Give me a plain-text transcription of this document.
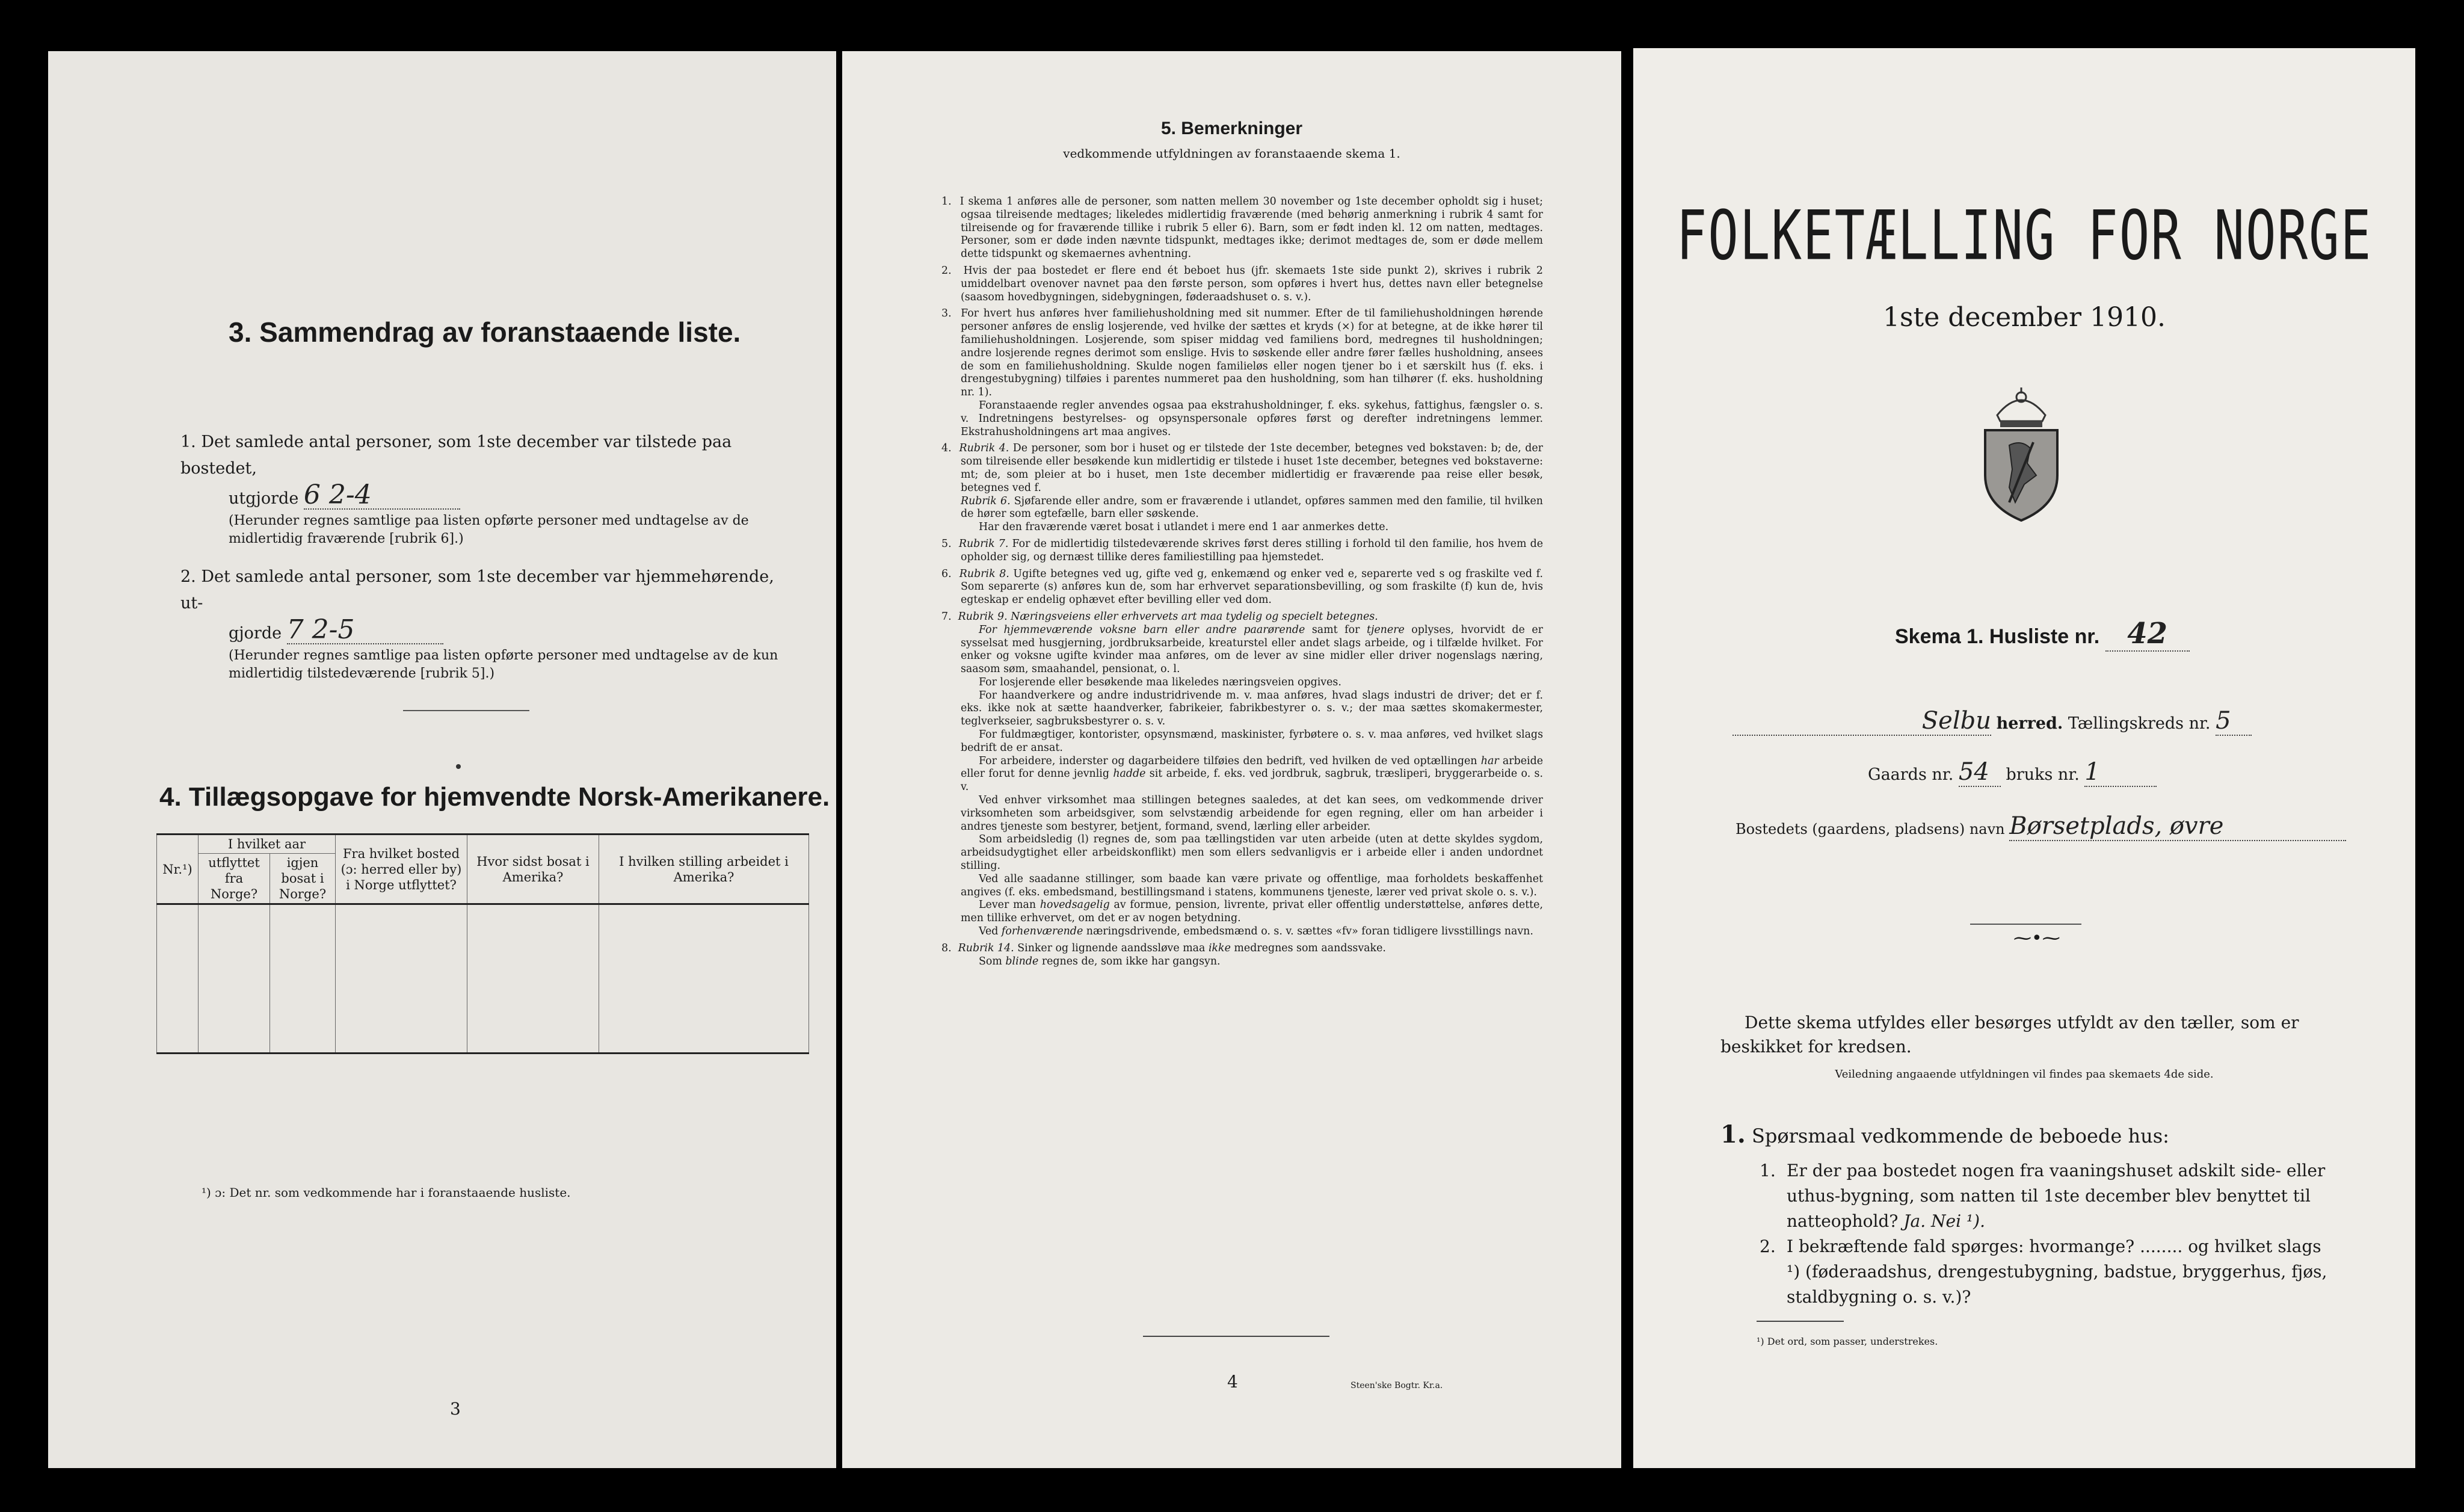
3. Sammendrag av foranstaaende liste.
1. Det samlede antal personer, som 1ste december var tilstede paa bostedet,
utgjorde 6 2-4
(Herunder regnes samtlige paa listen opførte personer med undtagelse av de midlertidig fraværende [rubrik 6].)
2. Det samlede antal personer, som 1ste december var hjemmehørende, ut-
gjorde 7 2-5
(Herunder regnes samtlige paa listen opførte personer med undtagelse av de kun midlertidig tilstedeværende [rubrik 5].)
4. Tillægsopgave for hjemvendte Norsk-Amerikanere.
Nr.¹)	I hvilket aar		Fra hvilket bosted (ɔ: herred eller by) i Norge utflyttet?	Hvor sidst bosat i Amerika?	I hvilken stilling arbeidet i Amerika?
	utflyttet fra Norge?	igjen bosat i Norge?			

¹) ɔ: Det nr. som vedkommende har i foranstaaende husliste.
3
5. Bemerkninger
vedkommende utfyldningen av foranstaaende skema 1.

1.  I skema 1 anføres alle de personer, som natten mellem 30 november og 1ste december opholdt sig i huset; ogsaa tilreisende medtages; likeledes midlertidig fraværende (med behørig anmerkning i rubrik 4 samt for tilreisende og for fraværende tillike i rubrik 5 eller 6). Barn, som er født inden kl. 12 om natten, medtages. Personer, som er døde inden nævnte tidspunkt, medtages ikke; derimot medtages de, som er døde mellem dette tidspunkt og skemaernes avhentning.

2.  Hvis der paa bostedet er flere end ét beboet hus (jfr. skemaets 1ste side punkt 2), skrives i rubrik 2 umiddelbart ovenover navnet paa den første person, som opføres i hvert hus, dettes navn eller betegnelse (saasom hovedbygningen, sidebygningen, føderaadshuset o. s. v.).

3.  For hvert hus anføres hver familiehusholdning med sit nummer. Efter de til familiehusholdningen hørende personer anføres de enslig losjerende, ved hvilke der sættes et kryds (×) for at betegne, at de ikke hører til familiehusholdningen. Losjerende, som spiser middag ved familiens bord, medregnes til husholdningen; andre losjerende regnes derimot som enslige. Hvis to søskende eller andre fører fælles husholdning, ansees de som en familiehusholdning. Skulde nogen familieløs eller nogen tjener bo i et særskilt hus (f. eks. i drengestubygning) tilføies i parentes nummeret paa den husholdning, som han tilhører (f. eks. husholdning nr. 1).

Foranstaaende regler anvendes ogsaa paa ekstrahusholdninger, f. eks. sykehus, fattighus, fængsler o. s. v. Indretningens bestyrelses- og opsynspersonale opføres først og derefter indretningens lemmer. Ekstrahusholdningens art maa angives.

4.  Rubrik 4. De personer, som bor i huset og er tilstede der 1ste december, betegnes ved bokstaven: b; de, der som tilreisende eller besøkende kun midlertidig er tilstede i huset 1ste december, betegnes ved bokstaverne: mt; de, som pleier at bo i huset, men 1ste december midlertidig er fraværende paa reise eller besøk, betegnes ved f.

Rubrik 6. Sjøfarende eller andre, som er fraværende i utlandet, opføres sammen med den familie, til hvilken de hører som egtefælle, barn eller søskende.

Har den fraværende været bosat i utlandet i mere end 1 aar anmerkes dette.

5.  Rubrik 7. For de midlertidig tilstedeværende skrives først deres stilling i forhold til den familie, hos hvem de opholder sig, og dernæst tillike deres familiestilling paa hjemstedet.

6.  Rubrik 8. Ugifte betegnes ved ug, gifte ved g, enkemænd og enker ved e, separerte ved s og fraskilte ved f. Som separerte (s) anføres kun de, som har erhvervet separationsbevilling, og som fraskilte (f) kun de, hvis egteskap er endelig ophævet efter bevilling eller ved dom.

7.  Rubrik 9. Næringsveiens eller erhvervets art maa tydelig og specielt betegnes.

For hjemmeværende voksne barn eller andre paarørende samt for tjenere oplyses, hvorvidt de er sysselsat med husgjerning, jordbruksarbeide, kreaturstel eller andet slags arbeide, og i tilfælde hvilket. For enker og voksne ugifte kvinder maa anføres, om de lever av sine midler eller driver nogenslags næring, saasom søm, smaahandel, pensionat, o. l.

For losjerende eller besøkende maa likeledes næringsveien opgives.

For haandverkere og andre industridrivende m. v. maa anføres, hvad slags industri de driver; det er f. eks. ikke nok at sætte haandverker, fabrikeier, fabrikbestyrer o. s. v.; der maa sættes skomakermester, teglverkseier, sagbruksbestyrer o. s. v.

For fuldmægtiger, kontorister, opsynsmænd, maskinister, fyrbøtere o. s. v. maa anføres, ved hvilket slags bedrift de er ansat.

For arbeidere, inderster og dagarbeidere tilføies den bedrift, ved hvilken de ved optællingen har arbeide eller forut for denne jevnlig hadde sit arbeide, f. eks. ved jordbruk, sagbruk, træsliperi, bryggerarbeide o. s. v.

Ved enhver virksomhet maa stillingen betegnes saaledes, at det kan sees, om vedkommende driver virksomheten som arbeidsgiver, som selvstændig arbeidende for egen regning, eller om han arbeider i andres tjeneste som bestyrer, betjent, formand, svend, lærling eller arbeider.

Som arbeidsledig (l) regnes de, som paa tællingstiden var uten arbeide (uten at dette skyldes sygdom, arbeidsudygtighet eller arbeidskonflikt) men som ellers sedvanligvis er i arbeide eller i anden undordnet stilling.

Ved alle saadanne stillinger, som baade kan være private og offentlige, maa forholdets beskaffenhet angives (f. eks. embedsmand, bestillingsmand i statens, kommunens tjeneste, lærer ved privat skole o. s. v.).

Lever man hovedsagelig av formue, pension, livrente, privat eller offentlig understøttelse, anføres dette, men tillike erhvervet, om det er av nogen betydning.

Ved forhenværende næringsdrivende, embedsmænd o. s. v. sættes «fv» foran tidligere livsstillings navn.

8.  Rubrik 14. Sinker og lignende aandssløve maa ikke medregnes som aandssvake.

Som blinde regnes de, som ikke har gangsyn.

4	Steen'ske Bogtr. Kr.a.
FOLKETÆLLING FOR NORGE
1ste december 1910.
Skema 1. Husliste nr. 42
Selbu herred. Tællingskreds nr. 5
Gaards nr. 54 bruks nr. 1
Bostedets (gaardens, pladsens) navn Børsetplads, øvre
⁓•⁓
Dette skema utfyldes eller besørges utfyldt av den tæller, som er beskikket for kredsen.
Veiledning angaaende utfyldningen vil findes paa skemaets 4de side.
1. Spørsmaal vedkommende de beboede hus:
1. Er der paa bostedet nogen fra vaaningshuset adskilt side- eller uthus-bygning, som natten til 1ste december blev benyttet til natteophold? Ja. Nei ¹).
2. I bekræftende fald spørges: hvormange? ........ og hvilket slags ¹) (føderaadshus, drengestubygning, badstue, bryggerhus, fjøs, staldbygning o. s. v.)?
¹) Det ord, som passer, understrekes.
